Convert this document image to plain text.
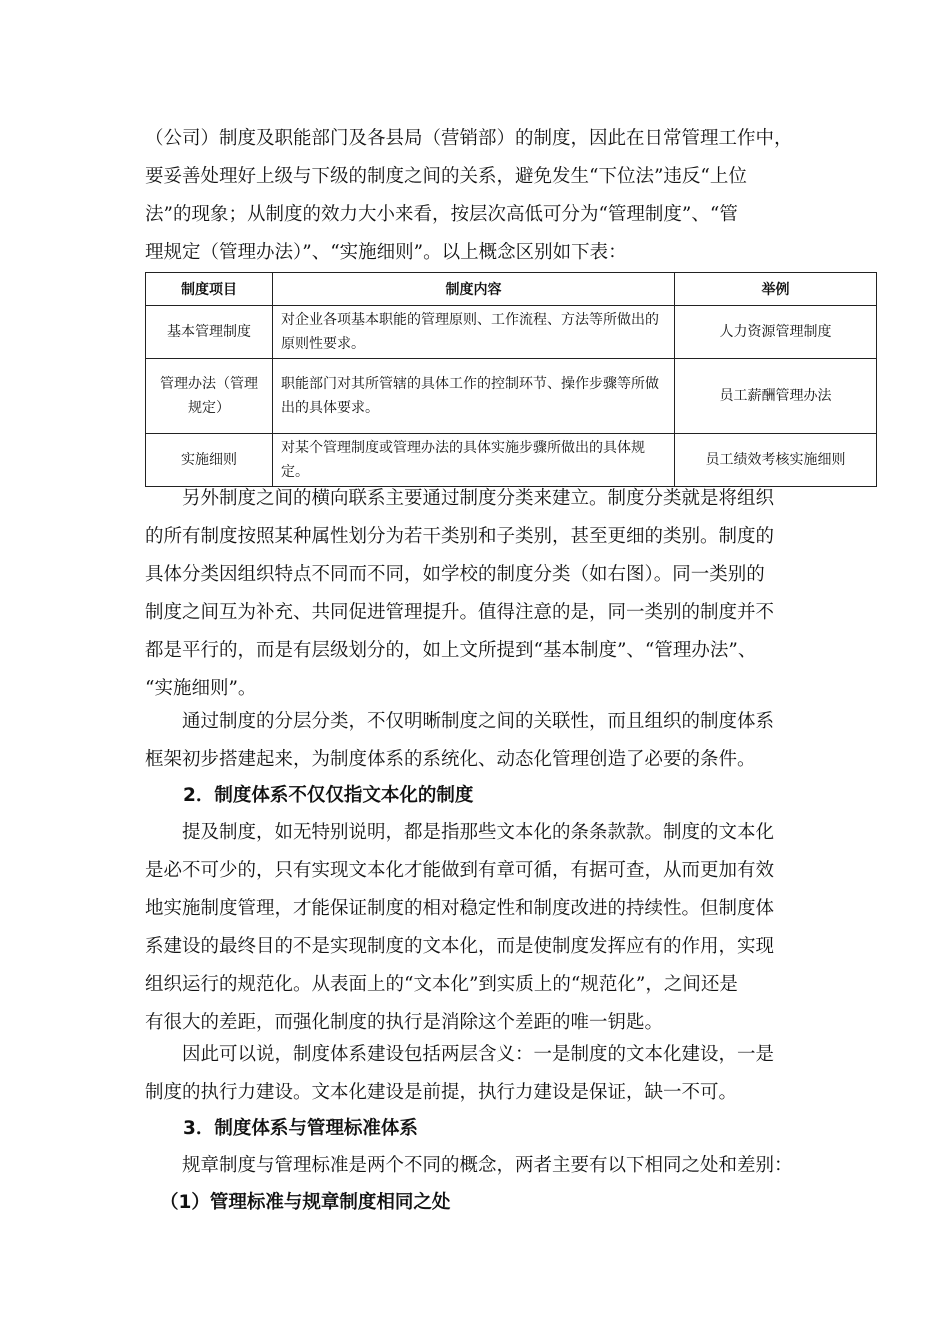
（公司）制度及职能部门及各县局（营销部）的制度，因此在日常管理工作中，
要妥善处理好上级与下级的制度之间的关系，避免发生“下位法”违反“上位
法”的现象；从制度的效力大小来看，按层次高低可分为“管理制度”、“管
理规定（管理办法）”、“实施细则”。以上概念区别如下表：
制度项目	制度内容	举例
基本管理制度	对企业各项基本职能的管理原则、工作流程、方法等所做出的原则性要求。	人力资源管理制度
管理办法（管理规定）	职能部门对其所管辖的具体工作的控制环节、操作步骤等所做出的具体要求。	员工薪酬管理办法
实施细则	对某个管理制度或管理办法的具体实施步骤所做出的具体规定。	员工绩效考核实施细则
另外制度之间的横向联系主要通过制度分类来建立。制度分类就是将组织
的所有制度按照某种属性划分为若干类别和子类别，甚至更细的类别。制度的
具体分类因组织特点不同而不同，如学校的制度分类（如右图）。同一类别的
制度之间互为补充、共同促进管理提升。值得注意的是，同一类别的制度并不
都是平行的，而是有层级划分的，如上文所提到“基本制度”、“管理办法”、
“实施细则”。
通过制度的分层分类，不仅明晰制度之间的关联性，而且组织的制度体系
框架初步搭建起来，为制度体系的系统化、动态化管理创造了必要的条件。

2．制度体系不仅仅指文本化的制度

提及制度，如无特别说明，都是指那些文本化的条条款款。制度的文本化
是必不可少的，只有实现文本化才能做到有章可循，有据可查，从而更加有效
地实施制度管理，才能保证制度的相对稳定性和制度改进的持续性。但制度体
系建设的最终目的不是实现制度的文本化，而是使制度发挥应有的作用，实现
组织运行的规范化。从表面上的“文本化”到实质上的“规范化”，之间还是
有很大的差距，而强化制度的执行是消除这个差距的唯一钥匙。
因此可以说，制度体系建设包括两层含义：一是制度的文本化建设，一是
制度的执行力建设。文本化建设是前提，执行力建设是保证，缺一不可。

3．制度体系与管理标准体系

规章制度与管理标准是两个不同的概念，两者主要有以下相同之处和差别：

（1）管理标准与规章制度相同之处
